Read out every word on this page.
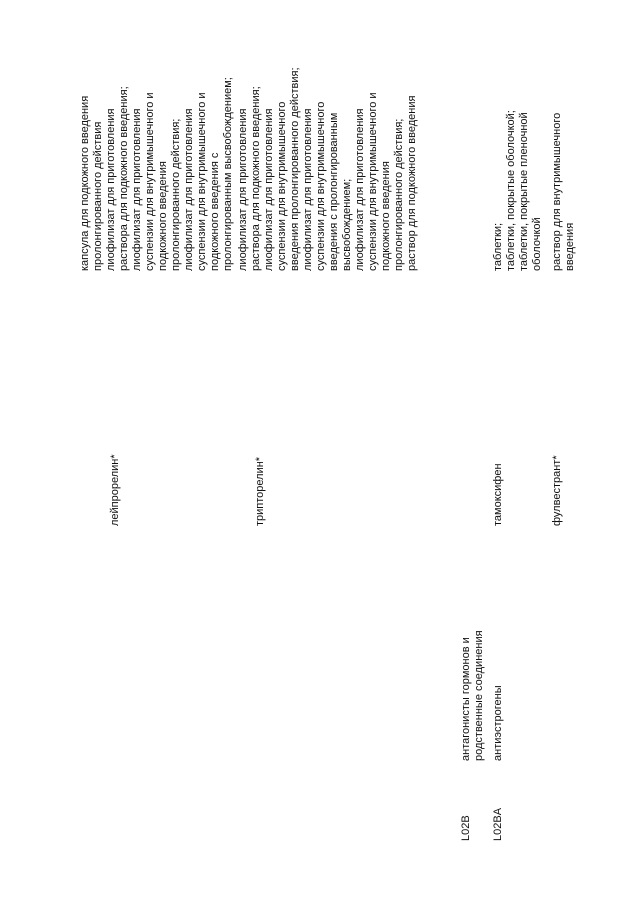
лейпрорелин*
капсула для подкожного введения пролонгированного действия лиофилизат для приготовления раствора для подкожного введения; лиофилизат для приготовления суспензии для внутримышечного и подкожного введения пролонгированного действия; лиофилизат для приготовления суспензии для внутримышечного и подкожного введения с пролонгированным высвобождением;
трипторелин*
лиофилизат для приготовления раствора для подкожного введения; лиофилизат для приготовления суспензии для внутримышечного введения пролонгированного действия; лиофилизат для приготовления суспензии для внутримышечного введения с пролонгированным высвобождением; лиофилизат для приготовления суспензии для внутримышечного и подкожного введения пролонгированного действия; раствор для подкожного введения
L02B
антагонисты гормонов и родственные соединения
L02BA
антиэстрогены
тамоксифен
таблетки; таблетки, покрытые оболочкой; таблетки, покрытые пленочной оболочкой
фулвестрант*
раствор для внутримышечного введения
